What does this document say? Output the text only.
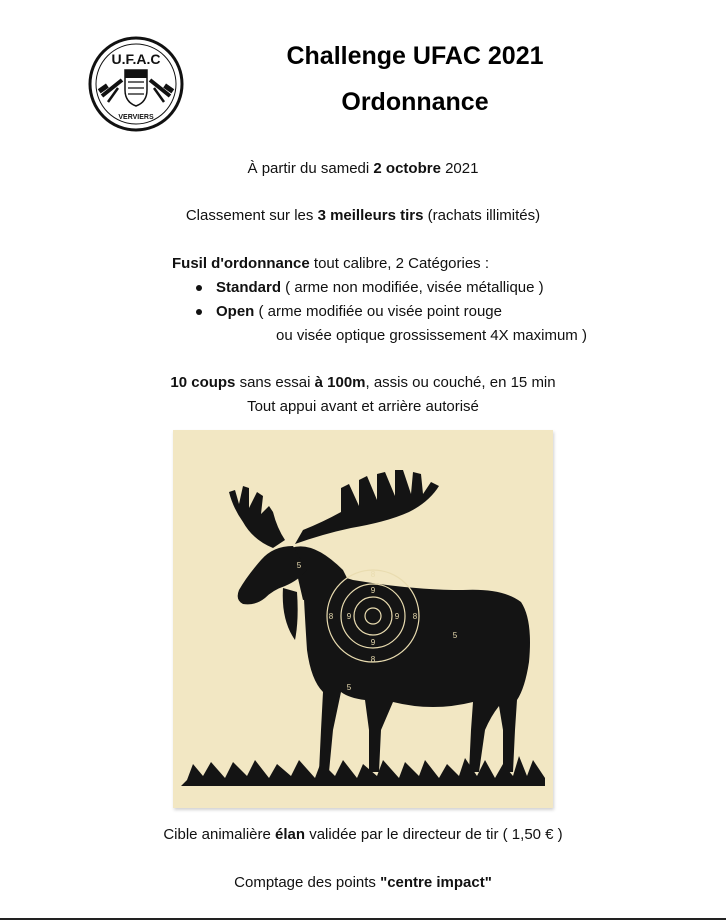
U.F.A.C
VERVIERS
Challenge UFAC 2021
Ordonnance
À partir du samedi 2 octobre 2021
Classement sur les 3 meilleurs tirs (rachats illimités)
Fusil d'ordonnance tout calibre, 2 Catégories :
Standard ( arme non modifiée, visée métallique )
Open ( arme modifiée ou visée point rouge
ou visée optique grossissement 4X maximum )
10 coups sans essai à 100m, assis ou couché, en 15 min
Tout appui avant et arrière autorisé
8
9
8 9	9 8
9
8
5
5
5
Cible animalière élan validée par le directeur de tir ( 1,50 € )
Comptage des points "centre impact"
